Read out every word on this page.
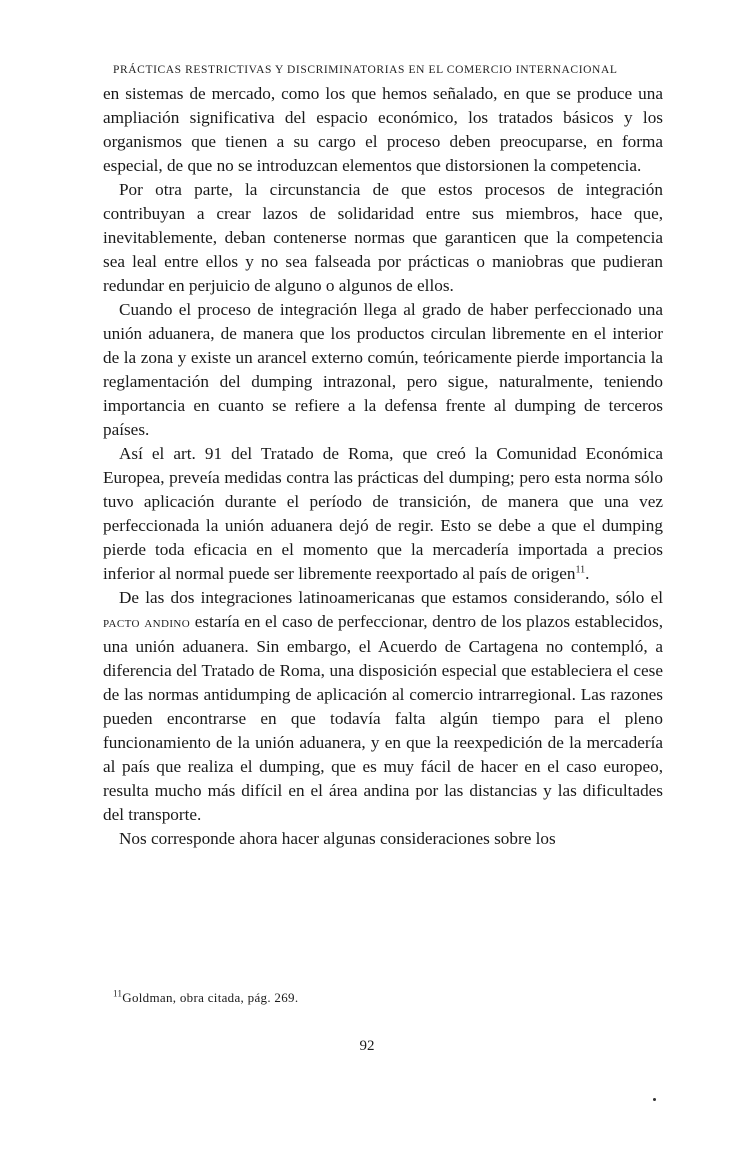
PRÁCTICAS RESTRICTIVAS Y DISCRIMINATORIAS EN EL COMERCIO INTERNACIONAL

en sistemas de mercado, como los que hemos señalado, en que se produce una ampliación significativa del espacio económico, los tratados básicos y los organismos que tienen a su cargo el proceso deben preocuparse, en forma especial, de que no se introduzcan elementos que distorsionen la competencia.

Por otra parte, la circunstancia de que estos procesos de integración contribuyan a crear lazos de solidaridad entre sus miembros, hace que, inevitablemente, deban contenerse normas que garanticen que la competencia sea leal entre ellos y no sea falseada por prácticas o maniobras que pudieran redundar en perjuicio de alguno o algunos de ellos.

Cuando el proceso de integración llega al grado de haber perfeccionado una unión aduanera, de manera que los productos circulan libremente en el interior de la zona y existe un arancel externo común, teóricamente pierde importancia la reglamentación del dumping intrazonal, pero sigue, naturalmente, teniendo importancia en cuanto se refiere a la defensa frente al dumping de terceros países.

Así el art. 91 del Tratado de Roma, que creó la Comunidad Económica Europea, preveía medidas contra las prácticas del dumping; pero esta norma sólo tuvo aplicación durante el período de transición, de manera que una vez perfeccionada la unión aduanera dejó de regir. Esto se debe a que el dumping pierde toda eficacia en el momento que la mercadería importada a precios inferior al normal puede ser libremente reexportado al país de origen$^{11}$.

De las dos integraciones latinoamericanas que estamos considerando, sólo el pacto andino estaría en el caso de perfeccionar, dentro de los plazos establecidos, una unión aduanera. Sin embargo, el Acuerdo de Cartagena no contempló, a diferencia del Tratado de Roma, una disposición especial que estableciera el cese de las normas antidumping de aplicación al comercio intrarregional. Las razones pueden encontrarse en que todavía falta algún tiempo para el pleno funcionamiento de la unión aduanera, y en que la reexpedición de la mercadería al país que realiza el dumping, que es muy fácil de hacer en el caso europeo, resulta mucho más difícil en el área andina por las distancias y las dificultades del transporte.

Nos corresponde ahora hacer algunas consideraciones sobre los

$^{11}$Goldman, obra citada, pág. 269.
92
